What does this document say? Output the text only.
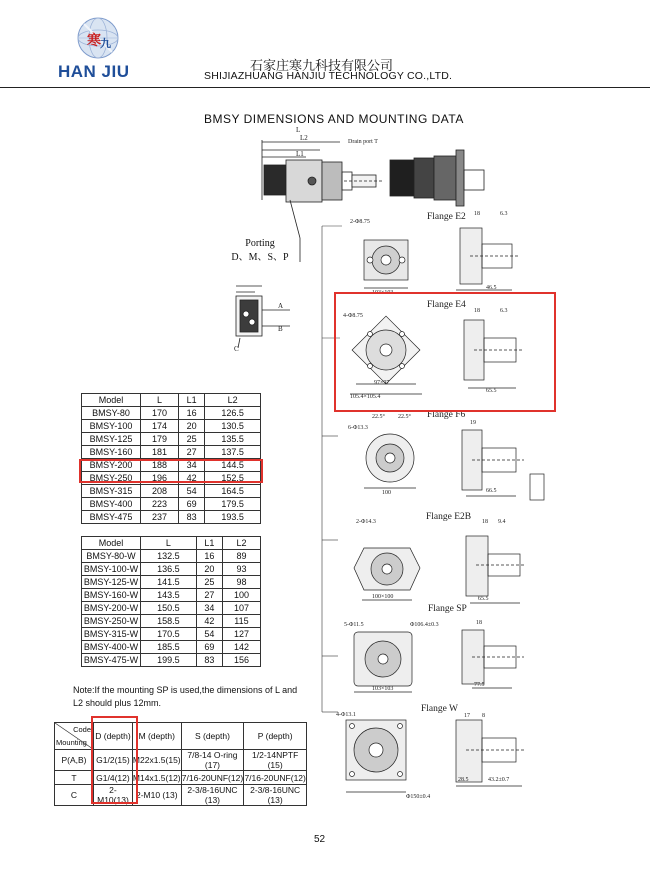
寒 九
HAN JIU	石家庄寒九科技有限公司
SHIJIAZHUANG HANJIU TECHNOLOGY CO.,LTD.
BMSY DIMENSIONS AND MOUNTING DATA
Drain port T
L2
L1
L
Porting
D、M、S、P
A
B
C
Flange E2
Flange E4
Flange F6
Flange E2B
Flange SP
Flange W
2-Φ8.75
103×103
18	6.3
46.5
4-Φ8.75
97×97
105.4×105.4
18	6.3
65.5
22.5° 22.5°
6-Φ13.3
100
19
66.5
2-Φ14.3
100×100
18 9.4
65.5
5-Φ11.5	Φ106.4±0.3
103×103
18
77.5
4-Φ13.1
Φ150±0.4
17 8
28.5	43.2±0.7
Model	L	L1	L2
BMSY-80	170	16	126.5
BMSY-100	174	20	130.5
BMSY-125	179	25	135.5
BMSY-160	181	27	137.5
BMSY-200	188	34	144.5
BMSY-250	196	42	152.5
BMSY-315	208	54	164.5
BMSY-400	223	69	179.5
BMSY-475	237	83	193.5
Model	L	L1	L2
BMSY-80-W	132.5	16	89
BMSY-100-W	136.5	20	93
BMSY-125-W	141.5	25	98
BMSY-160-W	143.5	27	100
BMSY-200-W	150.5	34	107
BMSY-250-W	158.5	42	115
BMSY-315-W	170.5	54	127
BMSY-400-W	185.5	69	142
BMSY-475-W	199.5	83	156
Note:If the mounting SP is used,the dimensions of L and L2 should plus 12mm.
Code
Mounting	D (depth)	M (depth)	S (depth)	P (depth)
P(A,B)	G1/2(15)	M22x1.5(15)	7/8-14 O-ring (17)	1/2-14NPTF (15)
T	G1/4(12)	M14x1.5(12)	7/16-20UNF(12)	7/16-20UNF(12)
C	2-M10(13)	2-M10 (13)	2-3/8-16UNC (13)	2-3/8-16UNC (13)
52
